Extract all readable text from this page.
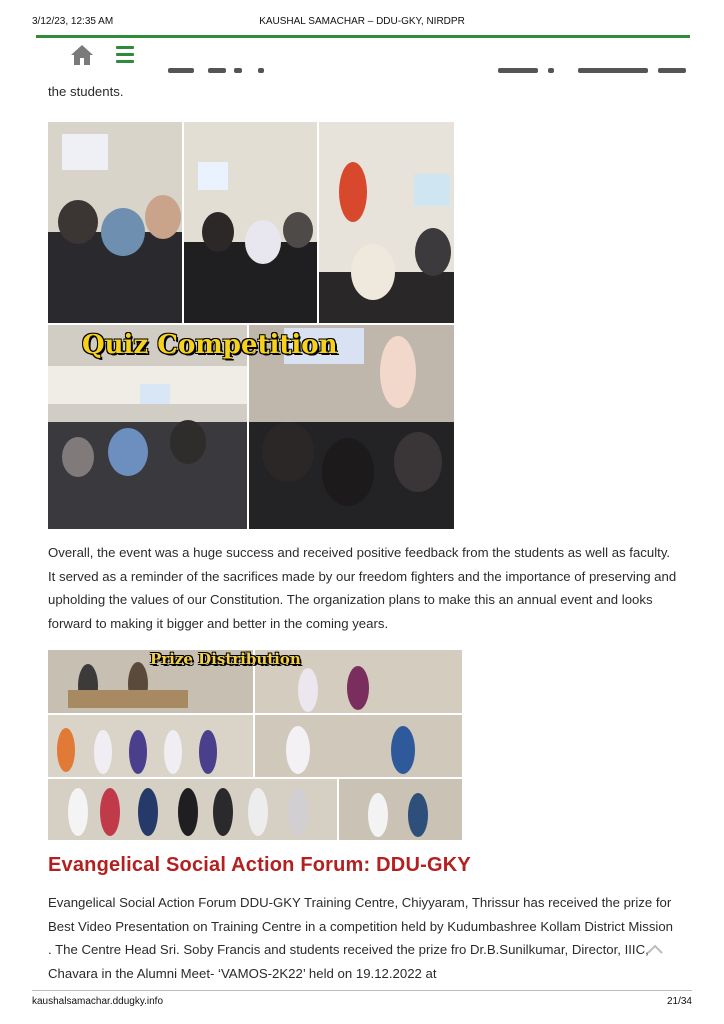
3/12/23, 12:35 AM	KAUSHAL SAMACHAR – DDU-GKY, NIRDPR

the students.

Quiz Competition

Overall, the event was a huge success and received positive feedback from the students as well as faculty. It served as a reminder of the sacrifices made by our freedom fighters and the importance of preserving and upholding the values of our Constitution. The organization plans to make this an annual event and looks forward to making it bigger and better in the coming years.

Prize Distribution
Evangelical Social Action Forum: DDU-GKY

Evangelical Social Action Forum DDU-GKY Training Centre, Chiyyaram, Thrissur has received the prize for Best Video Presentation on Training Centre in a competition held by Kudumbashree Kollam District Mission . The Centre Head Sri. Soby Francis and students received the prize fro Dr.B.Sunilkumar, Director, IIIC, Chavara in the Alumni Meet- ‘VAMOS-2K22’ held on 19.12.2022 at

kaushalsamachar.ddugky.info	21/34
